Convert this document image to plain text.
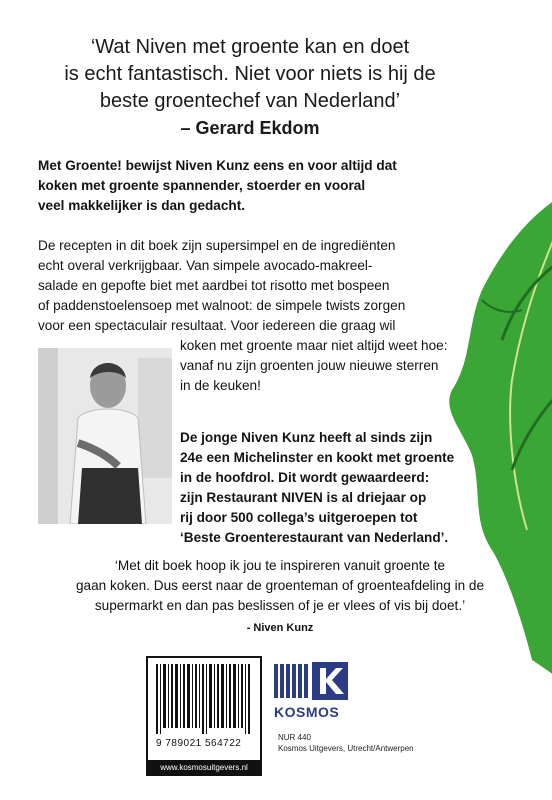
‘Wat Niven met groente kan en doet
is echt fantastisch. Niet voor niets is hij de
beste groentechef van Nederland’
– Gerard Ekdom
Met Groente! bewijst Niven Kunz eens en voor altijd dat
koken met groente spannender, stoerder en vooral
veel makkelijker is dan gedacht.
De recepten in dit boek zijn supersimpel en de ingrediënten
echt overal verkrijgbaar. Van simpele avocado-makreel-
salade en gepofte biet met aardbei tot risotto met bospeen
of paddenstoelensoep met walnoot: de simpele twists zorgen
voor een spectaculair resultaat. Voor iedereen die graag wil
koken met groente maar niet altijd weet hoe:
vanaf nu zijn groenten jouw nieuwe sterren
in de keuken!
De jonge Niven Kunz heeft al sinds zijn
24e een Michelinster en kookt met groente
in de hoofdrol. Dit wordt gewaardeerd:
zijn Restaurant NIVEN is al driejaar op
rij door 500 collega’s uitgeroepen tot
‘Beste Groenterestaurant van Nederland’.
‘Met dit boek hoop ik jou te inspireren vanuit groente te
gaan koken. Dus eerst naar de groenteman of groenteafdeling in de
supermarkt en dan pas beslissen of je er vlees of vis bij doet.’
- Niven Kunz
9 789021 564722
www.kosmosuitgevers.nl
KOSMOS
NUR 440
Kosmos Uitgevers, Utrecht/Antwerpen
